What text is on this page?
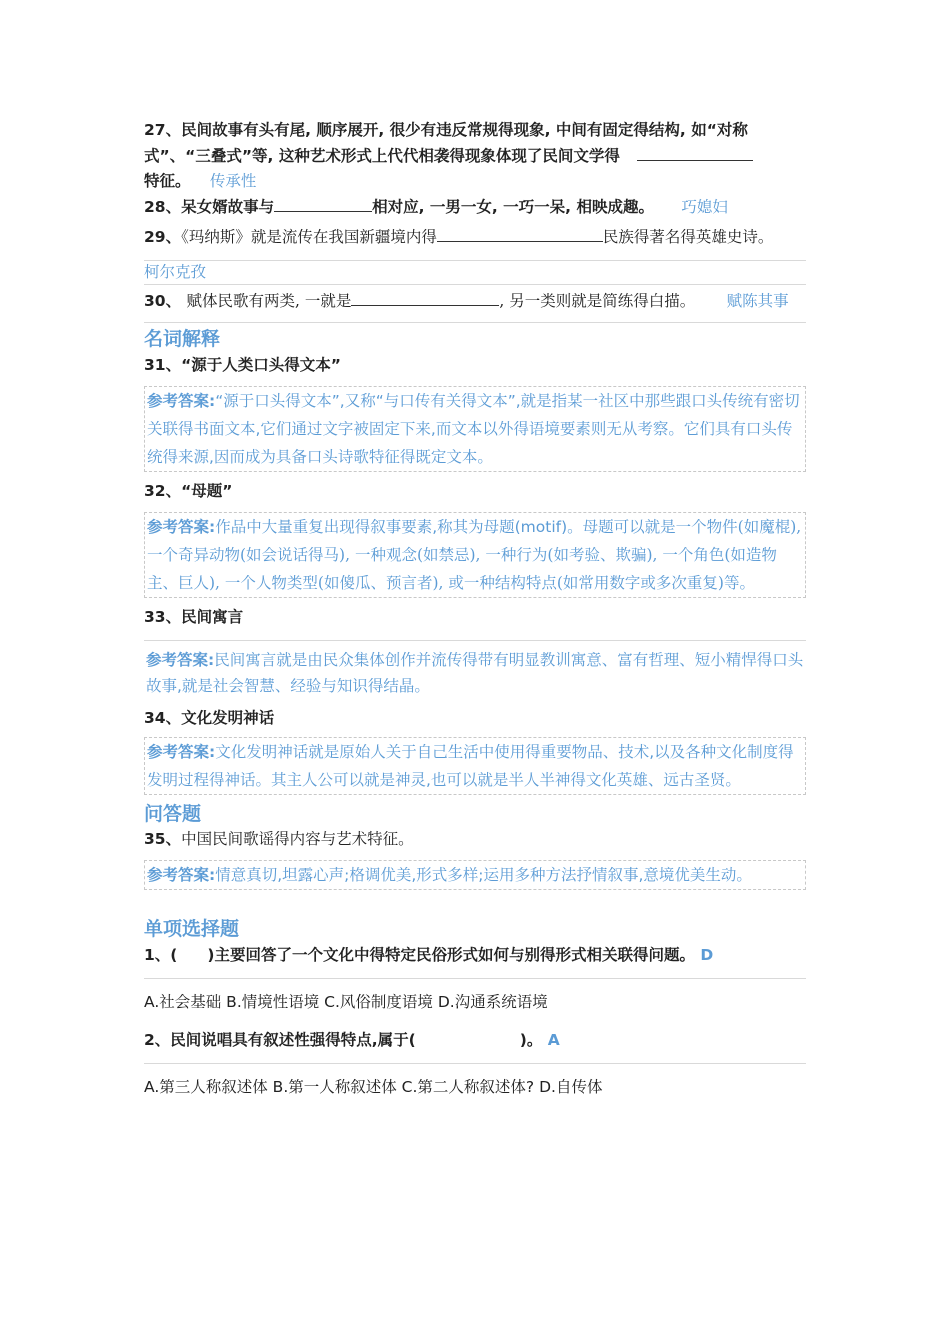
27、民间故事有头有尾, 顺序展开, 很少有违反常规得现象, 中间有固定得结构, 如“对称式”、“三叠式”等, 这种艺术形式上代代相袭得现象体现了民间文学得
特征。 传承性
28、呆女婿故事与	相对应, 一男一女, 一巧一呆, 相映成趣。 巧媳妇
29、《玛纳斯》就是流传在我国新疆境内得	民族得著名得英雄史诗。
柯尔克孜
30、 赋体民歌有两类, 一就是	, 另一类则就是简练得白描。 赋陈其事
名词解释
31、“源于人类口头得文本”
参考答案:“源于口头得文本”,又称“与口传有关得文本”,就是指某一社区中那些跟口头传统有密切关联得书面文本,它们通过文字被固定下来,而文本以外得语境要素则无从考察。它们具有口头传统得来源,因而成为具备口头诗歌特征得既定文本。
32、“母题”
参考答案:作品中大量重复出现得叙事要素,称其为母题(motif)。母题可以就是一个物件(如魔棍), 一个奇异动物(如会说话得马), 一种观念(如禁忌), 一种行为(如考验、欺骗), 一个角色(如造物主、巨人), 一个人物类型(如傻瓜、预言者), 或一种结构特点(如常用数字或多次重复)等。
33、民间寓言
参考答案:民间寓言就是由民众集体创作并流传得带有明显教训寓意、富有哲理、短小精悍得口头故事,就是社会智慧、经验与知识得结晶。
34、文化发明神话
参考答案:文化发明神话就是原始人关于自己生活中使用得重要物品、技术,以及各种文化制度得发明过程得神话。其主人公可以就是神灵,也可以就是半人半神得文化英雄、远古圣贤。
问答题
35、中国民间歌谣得内容与艺术特征。
参考答案:情意真切,坦露心声;格调优美,形式多样;运用多种方法抒情叙事,意境优美生动。
单项选择题
1、( )主要回答了一个文化中得特定民俗形式如何与别得形式相关联得问题。 D
A.社会基础 B.情境性语境 C.风俗制度语境 D.沟通系统语境
2、民间说唱具有叙述性强得特点,属于(	)。 A
A.第三人称叙述体 B.第一人称叙述体 C.第二人称叙述体? D.自传体
